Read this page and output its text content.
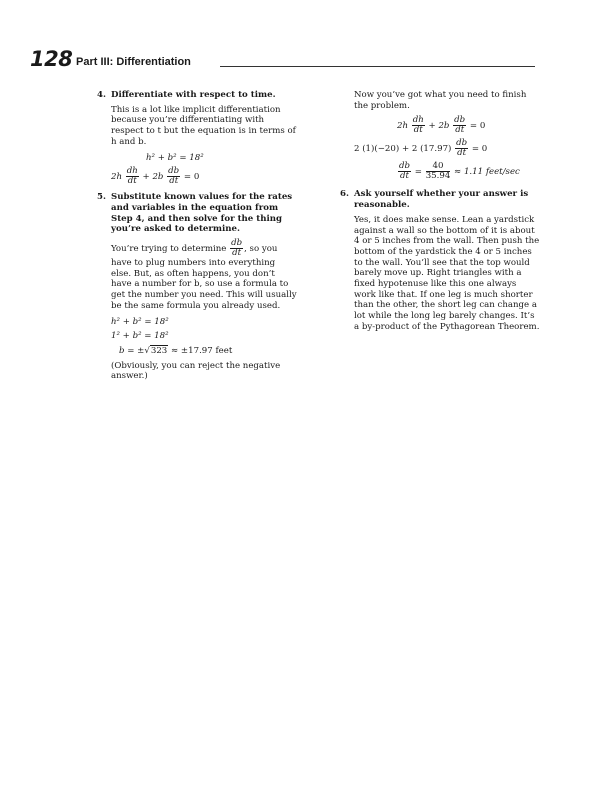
128 Part III: Differentiation
4. Differentiate with respect to time.

This is a lot like implicit differentiation because you’re differentiating with respect to t but the equation is in terms of h and b.

h² + b² = 18²
$2h \frac{dh}{dt} + 2b \frac{db}{dt} = 0$
5. Substitute known values for the rates and variables in the equation from Step 4, and then solve for the thing you’re asked to determine.

You’re trying to determine $\frac{db}{dt}$ , so you have to plug numbers into everything else. But, as often happens, you don’t have a number for b, so use a formula to get the number you need. This will usually be the same formula you already used.

h² + b² = 18²
1² + b² = 18²
b = ±√323 ≈ ±17.97 feet

(Obviously, you can reject the negative answer.)

Now you’ve got what you need to finish the problem.

$2h \frac{dh}{dt} + 2b \frac{db}{dt} = 0$
2 (1)(−20) + 2 $(17.97) \frac{db}{dt} = 0$
$\frac{db}{dt} = \frac{40}{35.94} \approx 1.11$ feet/sec
6. Ask yourself whether your answer is reasonable.

Yes, it does make sense. Lean a yardstick against a wall so the bottom of it is about 4 or 5 inches from the wall. Then push the bottom of the yardstick the 4 or 5 inches to the wall. You’ll see that the top would barely move up. Right triangles with a fixed hypotenuse like this one always work like that. If one leg is much shorter than the other, the short leg can change a lot while the long leg barely changes. It’s a by-product of the Pythagorean Theorem.
